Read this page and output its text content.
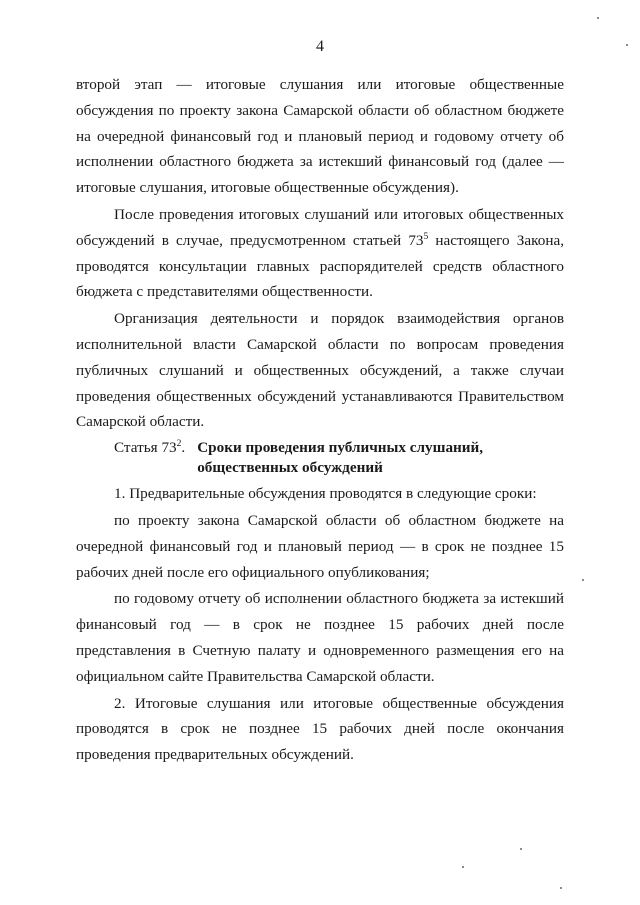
4

второй этап — итоговые слушания или итоговые общественные обсуждения по проекту закона Самарской области об областном бюджете на очередной финансовый год и плановый период и годовому отчету об исполнении областного бюджета за истекший финансовый год (далее — итоговые слушания, итоговые общественные обсуждения).

После проведения итоговых слушаний или итоговых общественных обсуждений в случае, предусмотренном статьей $73^5$ настоящего Закона, проводятся консультации главных распорядителей средств областного бюджета с представителями общественности.

Организация деятельности и порядок взаимодействия органов исполнительной власти Самарской области по вопросам проведения публичных слушаний и общественных обсуждений, а также случаи проведения общественных обсуждений устанавливаются Правительством Самарской области.

Статья $73^2$. Сроки проведения публичных слушаний,
общественных обсуждений

1. Предварительные обсуждения проводятся в следующие сроки:

по проекту закона Самарской области об областном бюджете на очередной финансовый год и плановый период — в срок не позднее 15 рабочих дней после его официального опубликования;

по годовому отчету об исполнении областного бюджета за истекший финансовый год — в срок не позднее 15 рабочих дней после представления в Счетную палату и одновременного размещения его на официальном сайте Правительства Самарской области.

2. Итоговые слушания или итоговые общественные обсуждения проводятся в срок не позднее 15 рабочих дней после окончания проведения предварительных обсуждений.
